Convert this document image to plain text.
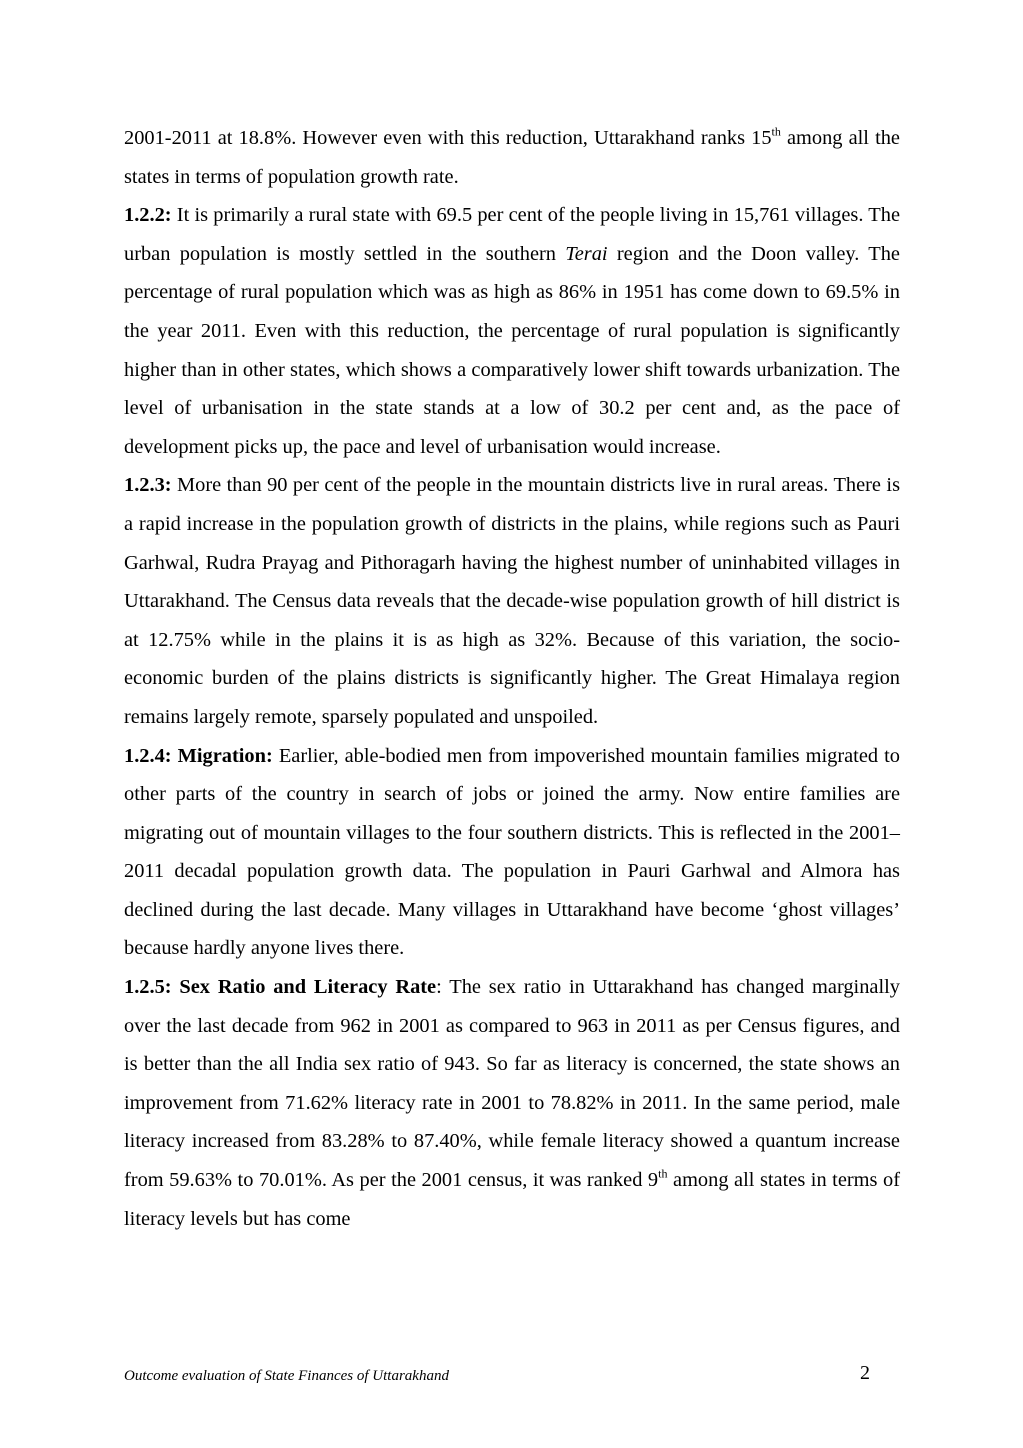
2001-2011 at 18.8%. However even with this reduction, Uttarakhand ranks 15th among all the states in terms of population growth rate.

1.2.2: It is primarily a rural state with 69.5 per cent of the people living in 15,761 villages. The urban population is mostly settled in the southern Terai region and the Doon valley. The percentage of rural population which was as high as 86% in 1951 has come down to 69.5% in the year 2011. Even with this reduction, the percentage of rural population is significantly higher than in other states, which shows a comparatively lower shift towards urbanization. The level of urbanisation in the state stands at a low of 30.2 per cent and, as the pace of development picks up, the pace and level of urbanisation would increase.

1.2.3: More than 90 per cent of the people in the mountain districts live in rural areas. There is a rapid increase in the population growth of districts in the plains, while regions such as Pauri Garhwal, Rudra Prayag and Pithoragarh having the highest number of uninhabited villages in Uttarakhand. The Census data reveals that the decade-wise population growth of hill district is at 12.75% while in the plains it is as high as 32%. Because of this variation, the socio-economic burden of the plains districts is significantly higher. The Great Himalaya region remains largely remote, sparsely populated and unspoiled.

1.2.4: Migration: Earlier, able-bodied men from impoverished mountain families migrated to other parts of the country in search of jobs or joined the army. Now entire families are migrating out of mountain villages to the four southern districts. This is reflected in the 2001–2011 decadal population growth data. The population in Pauri Garhwal and Almora has declined during the last decade. Many villages in Uttarakhand have become ‘ghost villages’ because hardly anyone lives there.

1.2.5: Sex Ratio and Literacy Rate: The sex ratio in Uttarakhand has changed marginally over the last decade from 962 in 2001 as compared to 963 in 2011 as per Census figures, and is better than the all India sex ratio of 943. So far as literacy is concerned, the state shows an improvement from 71.62% literacy rate in 2001 to 78.82% in 2011. In the same period, male literacy increased from 83.28% to 87.40%, while female literacy showed a quantum increase from 59.63% to 70.01%. As per the 2001 census, it was ranked 9th among all states in terms of literacy levels but has come

Outcome evaluation of State Finances of Uttarakhand	2
